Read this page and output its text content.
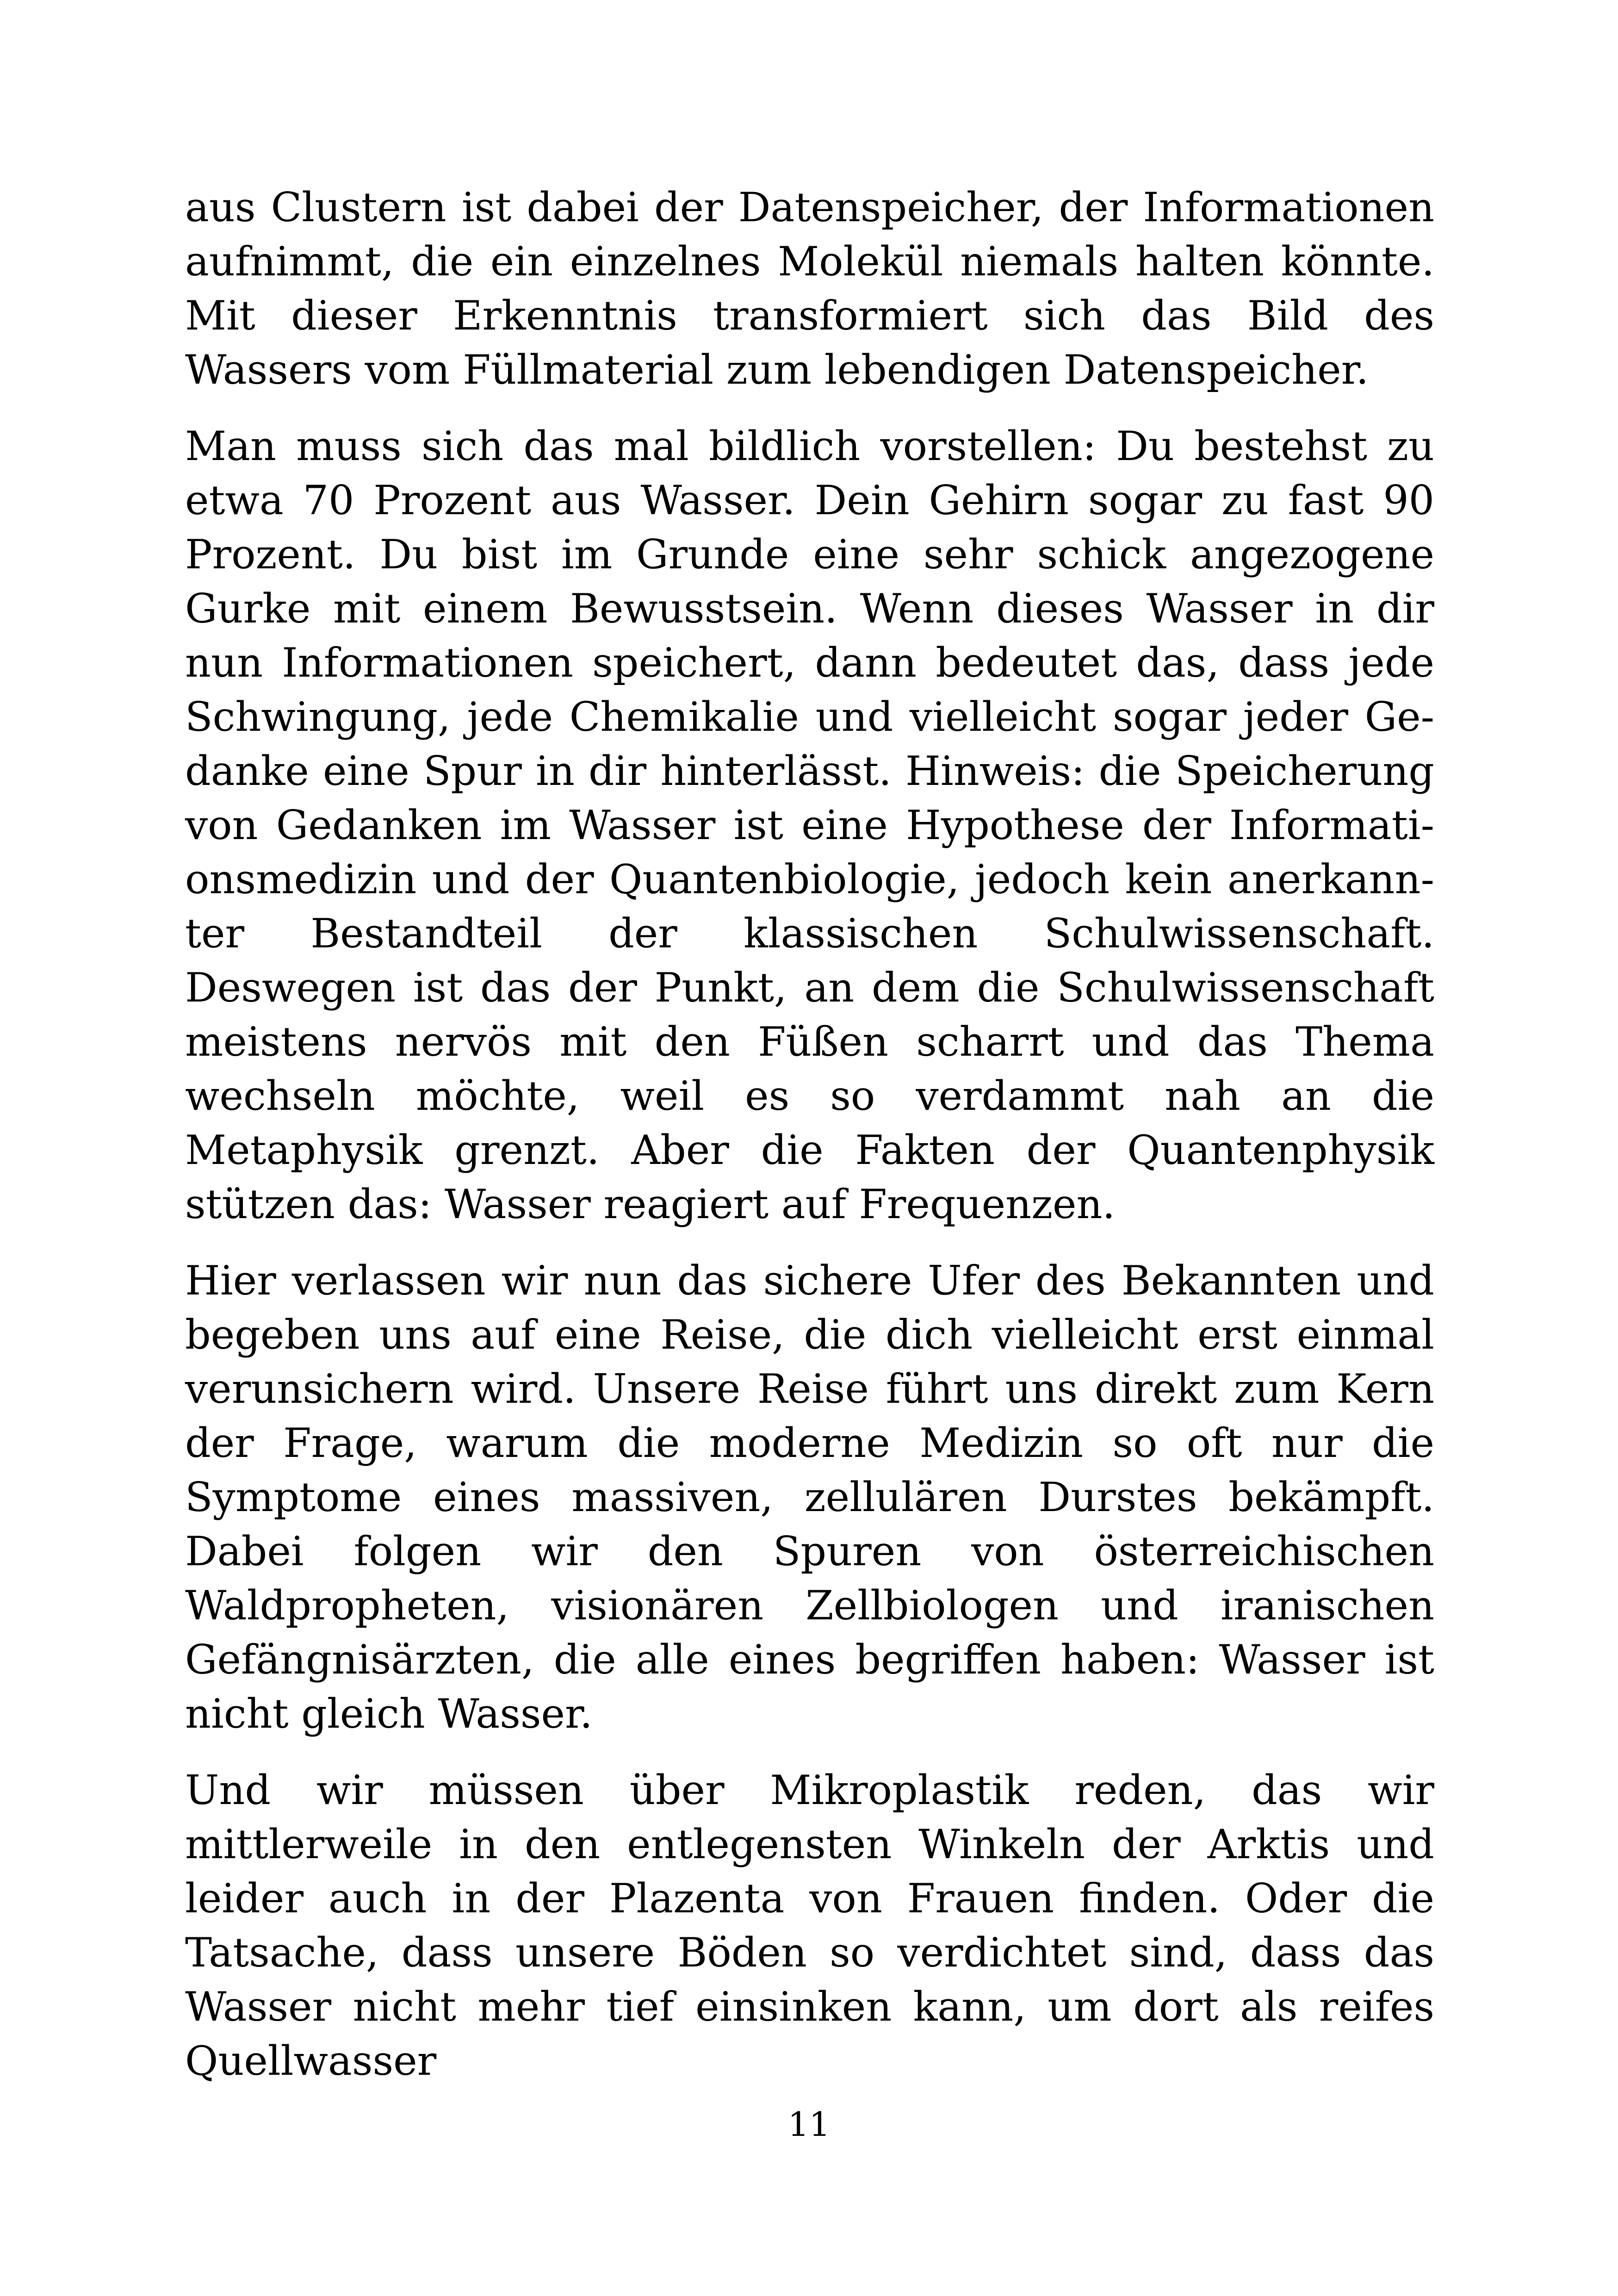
aus Clustern ist dabei der Datenspeicher, der Informationen aufnimmt, die ein einzelnes Molekül niemals halten könnte. Mit dieser Erkenntnis transformiert sich das Bild des Wassers vom Füllmaterial zum lebendigen Datenspeicher.

Man muss sich das mal bildlich vorstellen: Du bestehst zu etwa 70 Prozent aus Wasser. Dein Gehirn sogar zu fast 90 Prozent. Du bist im Grunde eine sehr schick angezogene Gurke mit einem Bewusstsein. Wenn dieses Wasser in dir nun Informationen speichert, dann bedeutet das, dass jede Schwingung, jede Chemikalie und vielleicht sogar jeder Gedanke eine Spur in dir hinterlässt. Hinweis: die Speicherung von Gedanken im Wasser ist eine Hypothese der Informationsmedizin und der Quantenbiologie, jedoch kein anerkannter Bestandteil der klassischen Schulwissenschaft. Deswegen ist das der Punkt, an dem die Schulwissenschaft meistens nervös mit den Füßen scharrt und das Thema wechseln möchte, weil es so verdammt nah an die Metaphysik grenzt. Aber die Fakten der Quantenphysik stützen das: Wasser reagiert auf Frequenzen.

Hier verlassen wir nun das sichere Ufer des Bekannten und begeben uns auf eine Reise, die dich vielleicht erst einmal verunsichern wird. Unsere Reise führt uns direkt zum Kern der Frage, warum die moderne Medizin so oft nur die Symptome eines massiven, zellulären Durstes bekämpft. Dabei folgen wir den Spuren von österreichischen Waldpropheten, visionären Zellbiologen und iranischen Gefängnisärzten, die alle eines begriffen haben: Wasser ist nicht gleich Wasser.

Und wir müssen über Mikroplastik reden, das wir mittlerweile in den entlegensten Winkeln der Arktis und leider auch in der Plazenta von Frauen finden. Oder die Tatsache, dass unsere Böden so verdichtet sind, dass das Wasser nicht mehr tief einsinken kann, um dort als reifes Quellwasser

11
